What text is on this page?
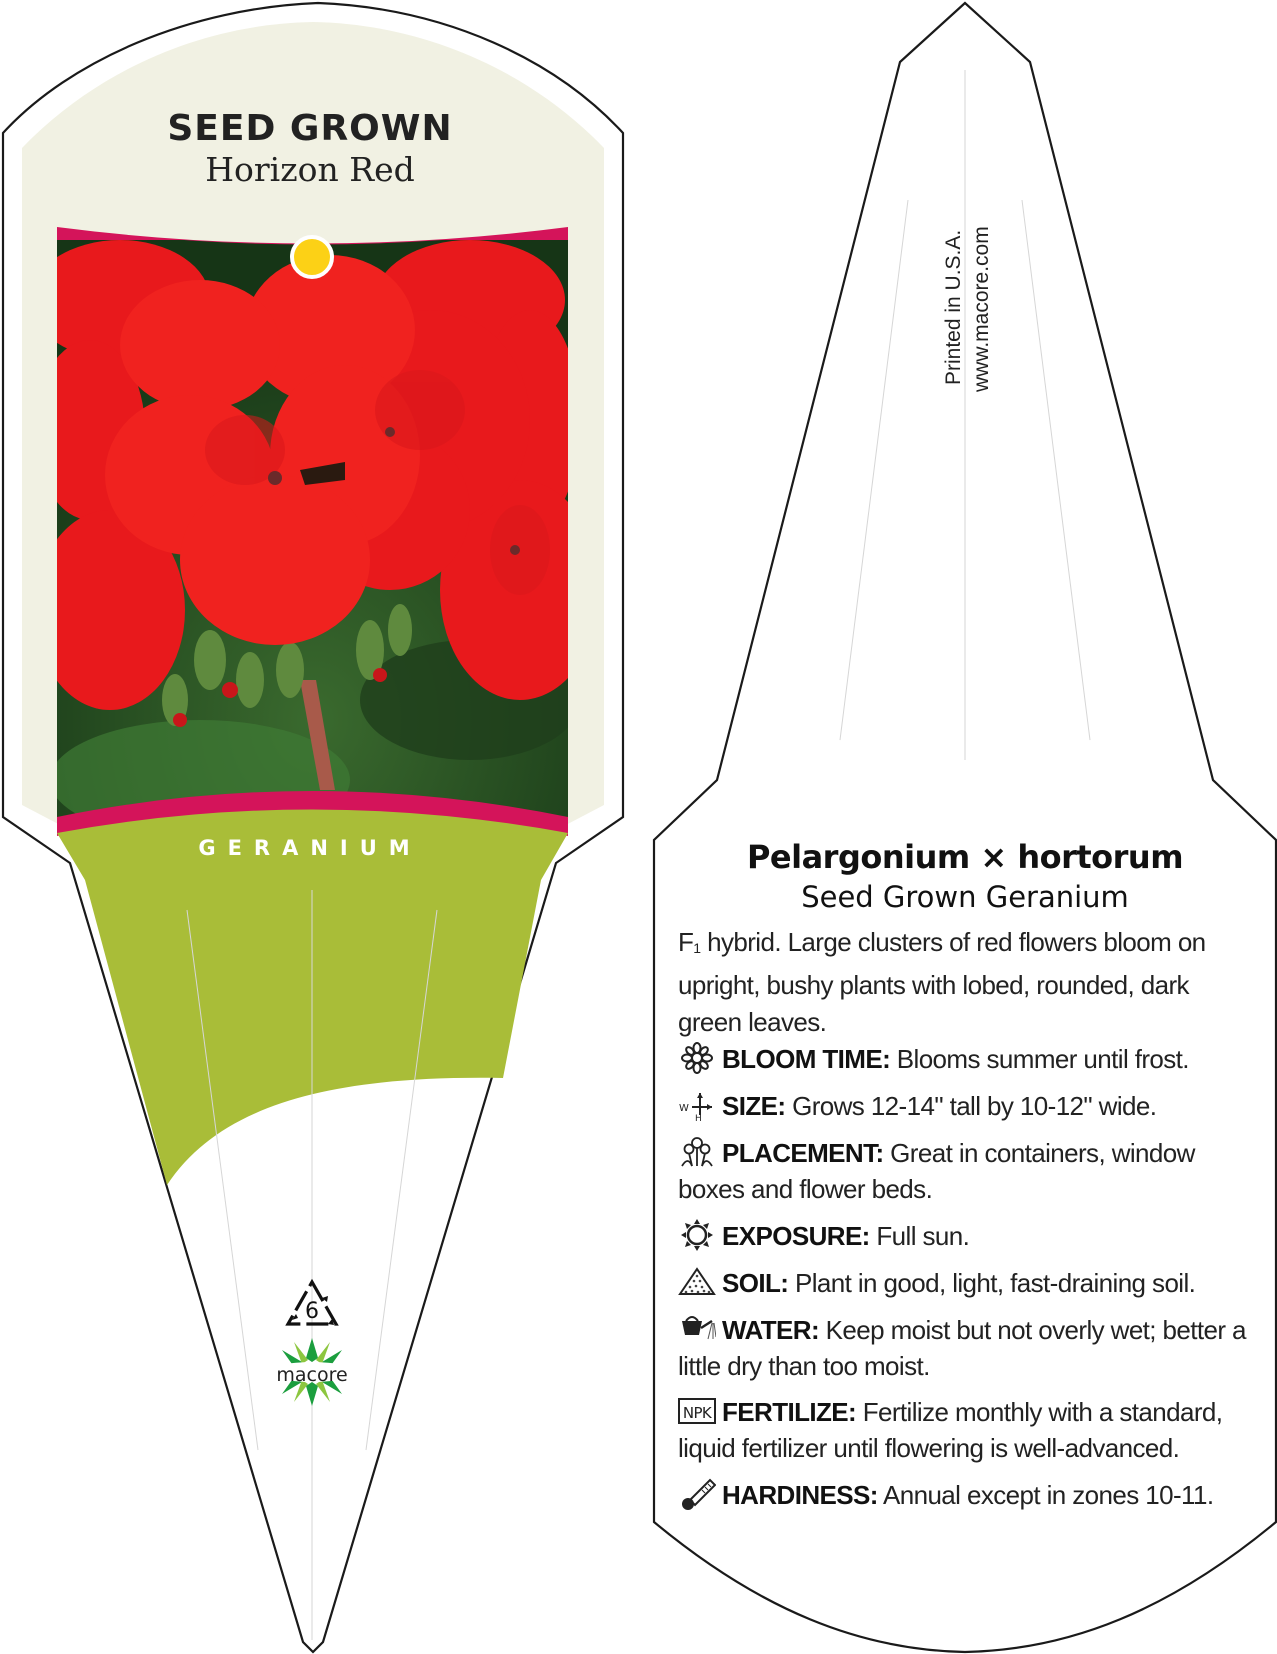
6
macore
SEED GROWN
Horizon Red
GERANIUM
Printed in U.S.A. www.macore.com
Pelargonium × hortorum
Seed Grown Geranium
F1 hybrid. Large clusters of red flowers bloom on upright, bushy plants with lobed, rounded, dark green leaves.
BLOOM TIME: Blooms summer until frost.
W
H SIZE: Grows 12-14" tall by 10-12" wide.
PLACEMENT: Great in containers, window boxes and flower beds.
EXPOSURE: Full sun.
SOIL: Plant in good, light, fast-draining soil.
WATER: Keep moist but not overly wet; better a little dry than too moist.
NPK FERTILIZE: Fertilize monthly with a standard, liquid fertilizer until flowering is well-advanced.
HARDINESS: Annual except in zones 10-11.
